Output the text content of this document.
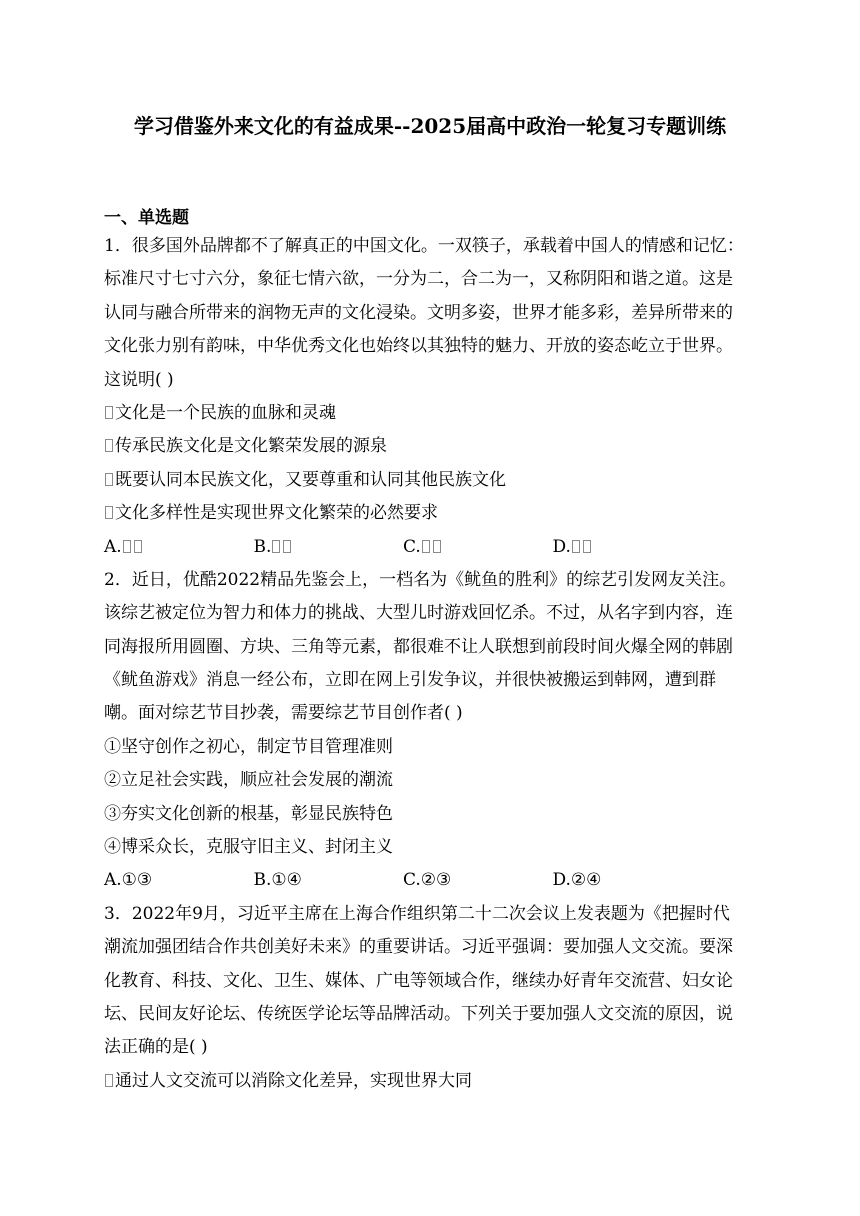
学习借鉴外来文化的有益成果--2025届高中政治一轮复习专题训练
一、单选题
1．很多国外品牌都不了解真正的中国文化。一双筷子，承载着中国人的情感和记忆：
标准尺寸七寸六分，象征七情六欲，一分为二，合二为一，又称阴阳和谐之道。这是
认同与融合所带来的润物无声的文化浸染。文明多姿，世界才能多彩，差异所带来的
文化张力别有韵味，中华优秀文化也始终以其独特的魅力、开放的姿态屹立于世界。
这说明( )
文化是一个民族的血脉和灵魂
传承民族文化是文化繁荣发展的源泉
既要认同本民族文化，又要尊重和认同其他民族文化
文化多样性是实现世界文化繁荣的必然要求
A.	B.	C.	D.
2．近日，优酷2022精品先鉴会上，一档名为《鱿鱼的胜利》的综艺引发网友关注。
该综艺被定位为智力和体力的挑战、大型儿时游戏回忆杀。不过，从名字到内容，连
同海报所用圆圈、方块、三角等元素，都很难不让人联想到前段时间火爆全网的韩剧
《鱿鱼游戏》消息一经公布，立即在网上引发争议，并很快被搬运到韩网，遭到群
嘲。面对综艺节目抄袭，需要综艺节目创作者( )
①坚守创作之初心，制定节目管理准则
②立足社会实践，顺应社会发展的潮流
③夯实文化创新的根基，彰显民族特色
④博采众长，克服守旧主义、封闭主义
A.①③	B.①④	C.②③	D.②④
3．2022年9月，习近平主席在上海合作组织第二十二次会议上发表题为《把握时代
潮流加强团结合作共创美好未来》的重要讲话。习近平强调：要加强人文交流。要深
化教育、科技、文化、卫生、媒体、广电等领域合作，继续办好青年交流营、妇女论
坛、民间友好论坛、传统医学论坛等品牌活动。下列关于要加强人文交流的原因，说
法正确的是( )
通过人文交流可以消除文化差异，实现世界大同
